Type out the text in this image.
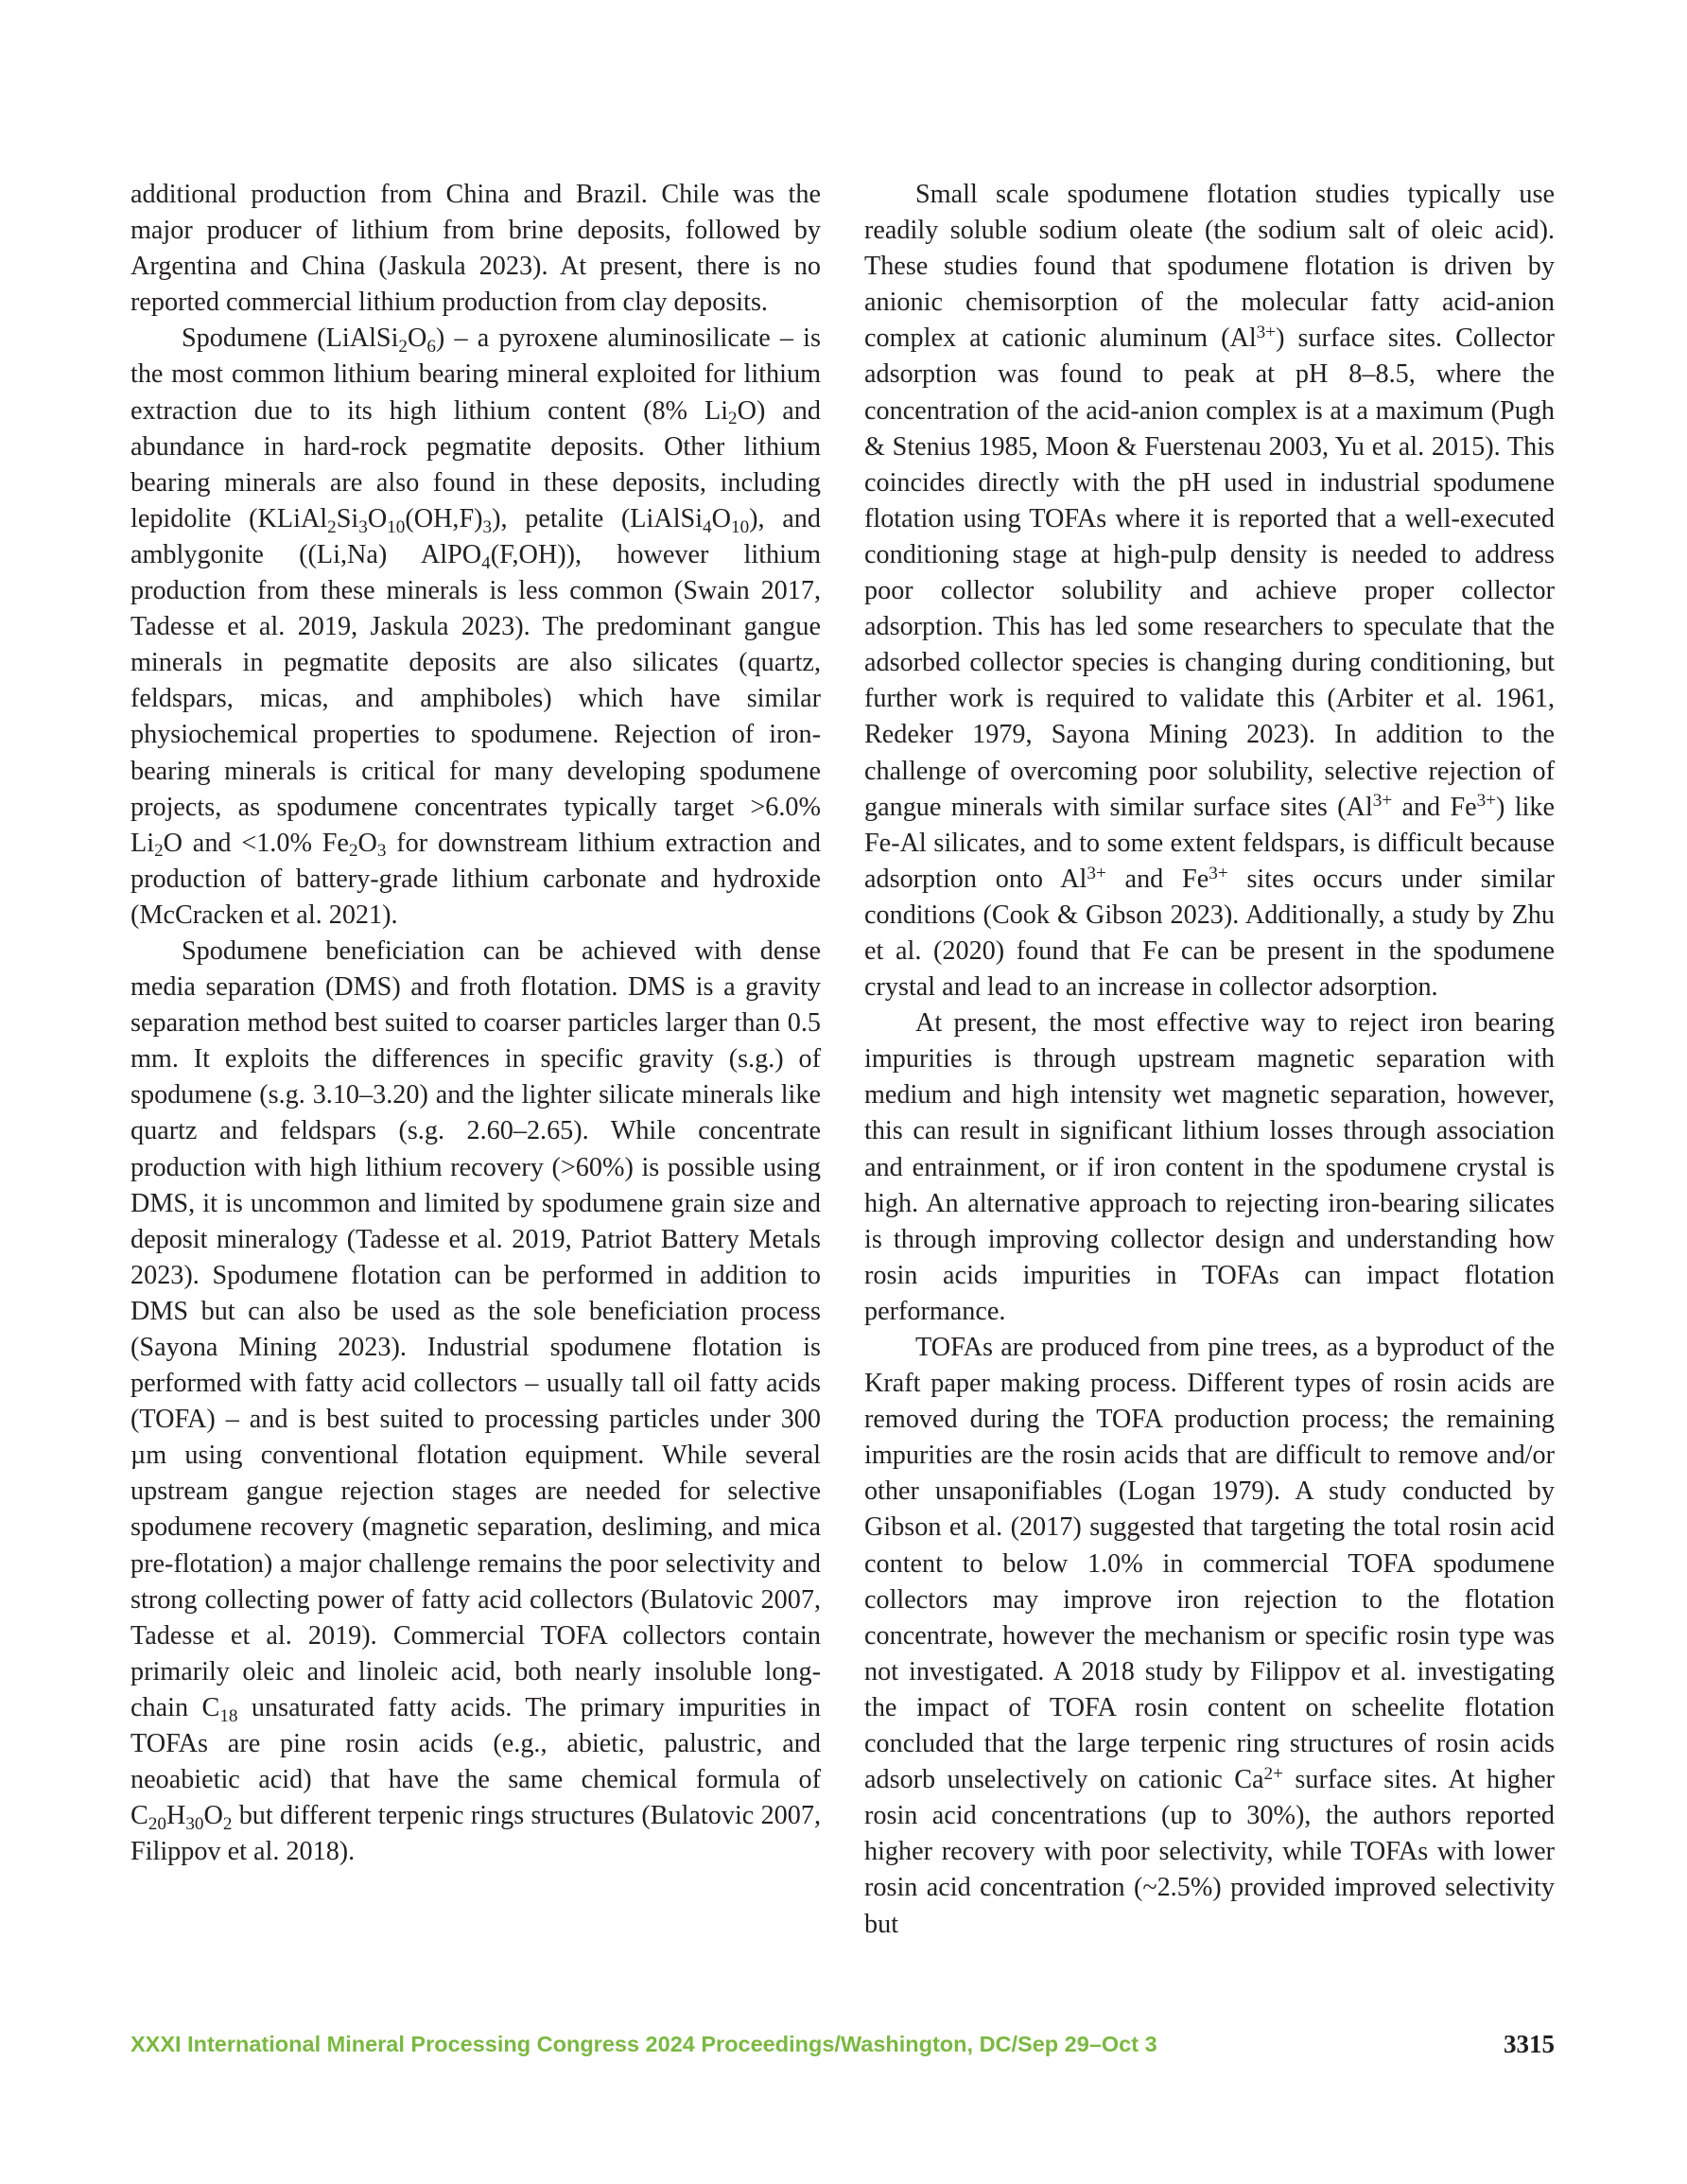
additional production from China and Brazil. Chile was the major producer of lithium from brine deposits, followed by Argentina and China (Jaskula 2023). At present, there is no reported commercial lithium production from clay deposits.

Spodumene $(LiAlSi_2O_6)$ – a pyroxene aluminosilicate – is the most common lithium bearing mineral exploited for lithium extraction due to its high lithium content (8% $Li_2O$) and abundance in hard-rock pegmatite deposits. Other lithium bearing minerals are also found in these deposits, including lepidolite $(KLiAl_2Si_3O_{10}(OH,F)_3)$, petalite $(LiAlSi_4O_{10})$, and amblygonite ((Li,Na) AlPO$_4$(F,OH)), however lithium production from these minerals is less common (Swain 2017, Tadesse et al. 2019, Jaskula 2023). The predominant gangue minerals in pegmatite deposits are also silicates (quartz, feldspars, micas, and amphiboles) which have similar physiochemical properties to spodumene. Rejection of iron-bearing minerals is critical for many developing spodumene projects, as spodumene concentrates typically target >6.0% $Li_2O$ and <1.0% $Fe_2O_3$ for downstream lithium extraction and production of battery-grade lithium carbonate and hydroxide (McCracken et al. 2021).

Spodumene beneficiation can be achieved with dense media separation (DMS) and froth flotation. DMS is a gravity separation method best suited to coarser particles larger than 0.5 mm. It exploits the differences in specific gravity (s.g.) of spodumene (s.g. 3.10–3.20) and the lighter silicate minerals like quartz and feldspars (s.g. 2.60–2.65). While concentrate production with high lithium recovery (>60%) is possible using DMS, it is uncommon and limited by spodumene grain size and deposit mineralogy (Tadesse et al. 2019, Patriot Battery Metals 2023). Spodumene flotation can be performed in addition to DMS but can also be used as the sole beneficiation process (Sayona Mining 2023). Industrial spodumene flotation is performed with fatty acid collectors – usually tall oil fatty acids (TOFA) – and is best suited to processing particles under 300 µm using conventional flotation equipment. While several upstream gangue rejection stages are needed for selective spodumene recovery (magnetic separation, desliming, and mica pre-flotation) a major challenge remains the poor selectivity and strong collecting power of fatty acid collectors (Bulatovic 2007, Tadesse et al. 2019). Commercial TOFA collectors contain primarily oleic and linoleic acid, both nearly insoluble long-chain $C_{18}$ unsaturated fatty acids. The primary impurities in TOFAs are pine rosin acids (e.g., abietic, palustric, and neoabietic acid) that have the same chemical formula of $C_{20}H_{30}O_2$ but different terpenic rings structures (Bulatovic 2007, Filippov et al. 2018).

Small scale spodumene flotation studies typically use readily soluble sodium oleate (the sodium salt of oleic acid). These studies found that spodumene flotation is driven by anionic chemisorption of the molecular fatty acid-anion complex at cationic aluminum $(Al^{3+})$ surface sites. Collector adsorption was found to peak at pH 8–8.5, where the concentration of the acid-anion complex is at a maximum (Pugh & Stenius 1985, Moon & Fuerstenau 2003, Yu et al. 2015). This coincides directly with the pH used in industrial spodumene flotation using TOFAs where it is reported that a well-executed conditioning stage at high-pulp density is needed to address poor collector solubility and achieve proper collector adsorption. This has led some researchers to speculate that the adsorbed collector species is changing during conditioning, but further work is required to validate this (Arbiter et al. 1961, Redeker 1979, Sayona Mining 2023). In addition to the challenge of overcoming poor solubility, selective rejection of gangue minerals with similar surface sites ($Al^{3+}$ and $Fe^{3+}$) like Fe-Al silicates, and to some extent feldspars, is difficult because adsorption onto $Al^{3+}$ and $Fe^{3+}$ sites occurs under similar conditions (Cook & Gibson 2023). Additionally, a study by Zhu et al. (2020) found that Fe can be present in the spodumene crystal and lead to an increase in collector adsorption.

At present, the most effective way to reject iron bearing impurities is through upstream magnetic separation with medium and high intensity wet magnetic separation, however, this can result in significant lithium losses through association and entrainment, or if iron content in the spodumene crystal is high. An alternative approach to rejecting iron-bearing silicates is through improving collector design and understanding how rosin acids impurities in TOFAs can impact flotation performance.

TOFAs are produced from pine trees, as a byproduct of the Kraft paper making process. Different types of rosin acids are removed during the TOFA production process; the remaining impurities are the rosin acids that are difficult to remove and/or other unsaponifiables (Logan 1979). A study conducted by Gibson et al. (2017) suggested that targeting the total rosin acid content to below 1.0% in commercial TOFA spodumene collectors may improve iron rejection to the flotation concentrate, however the mechanism or specific rosin type was not investigated. A 2018 study by Filippov et al. investigating the impact of TOFA rosin content on scheelite flotation concluded that the large terpenic ring structures of rosin acids adsorb unselectively on cationic $Ca^{2+}$ surface sites. At higher rosin acid concentrations (up to 30%), the authors reported higher recovery with poor selectivity, while TOFAs with lower rosin acid concentration (~2.5%) provided improved selectivity but

XXXI International Mineral Processing Congress 2024 Proceedings/Washington, DC/Sep 29–Oct 3	3315
